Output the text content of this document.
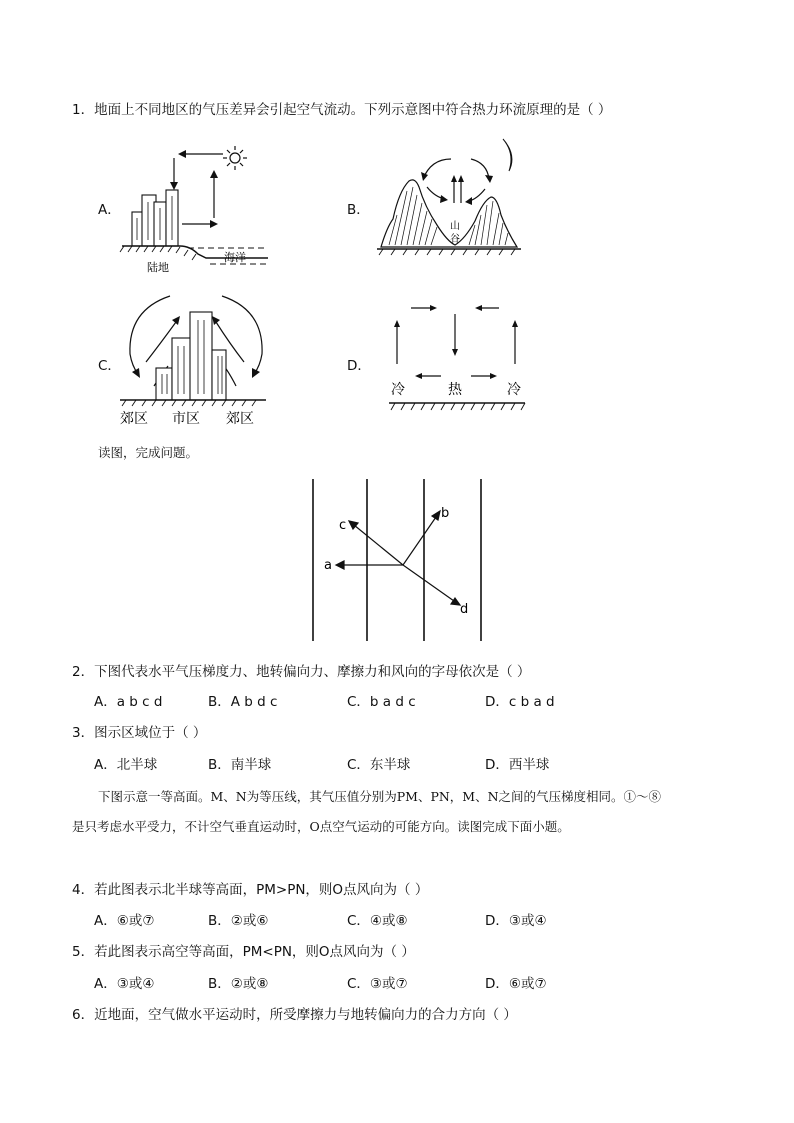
1．地面上不同地区的气压差异会引起空气流动。下列示意图中符合热力环流原理的是（ ）
A．
陆地
海洋
B．
山
谷
C．
郊区 市区 郊区
D．
冷	热	冷
读图，完成问题。
a
c
b
d
2．下图代表水平气压梯度力、地转偏向力、摩擦力和风向的字母依次是（ ）
A．a b c d	B．A b d c	C．b a d c	D．c b a d
3．图示区域位于（ ）
A．北半球	B．南半球	C．东半球	D．西半球
下图示意一等高面。M、N为等压线，其气压值分别为PM、PN，M、N之间的气压梯度相同。①～⑧
是只考虑水平受力，不计空气垂直运动时，O点空气运动的可能方向。读图完成下面小题。
4．若此图表示北半球等高面，PM>PN，则O点风向为（ ）
A．⑥或⑦	B．②或⑥	C．④或⑧	D．③或④
5．若此图表示高空等高面，PM<PN，则O点风向为（ ）
A．③或④	B．②或⑧	C．③或⑦	D．⑥或⑦
6．近地面，空气做水平运动时，所受摩擦力与地转偏向力的合力方向（ ）
